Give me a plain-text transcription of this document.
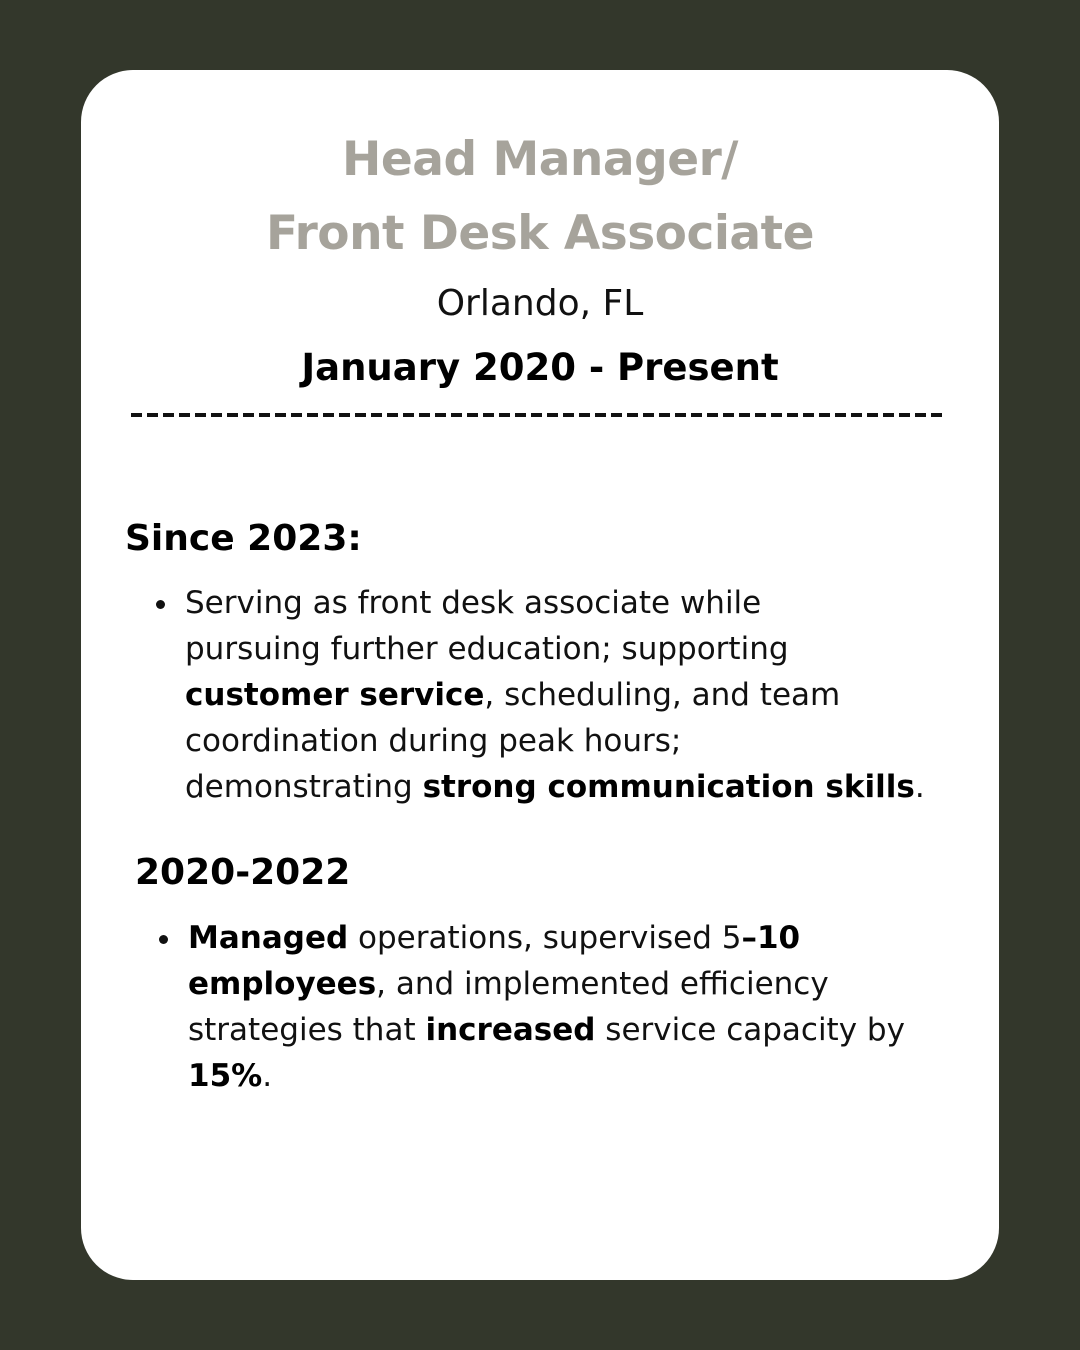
Head Manager/
Front Desk Associate

Orlando, FL

January 2020 - Present

Since 2023:
Serving as front desk associate while
pursuing further education; supporting
customer service, scheduling, and team
coordination during peak hours;
demonstrating strong communication skills.
2020-2022
Managed operations, supervised 5–10
employees, and implemented efficiency
strategies that increased service capacity by
15%.
